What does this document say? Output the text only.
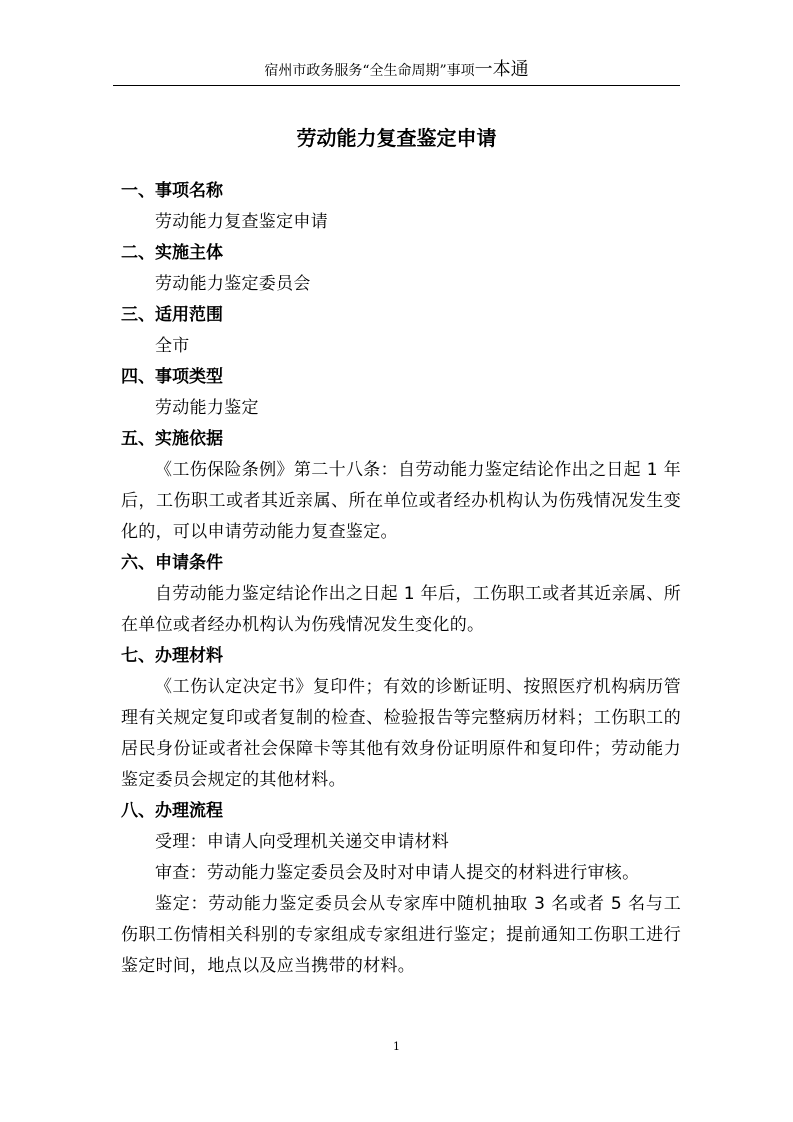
宿州市政务服务“全生命周期”事项一本通
劳动能力复查鉴定申请

一、事项名称

劳动能力复查鉴定申请

二、实施主体

劳动能力鉴定委员会

三、适用范围

全市

四、事项类型

劳动能力鉴定

五、实施依据

《工伤保险条例》第二十八条：自劳动能力鉴定结论作出之日起 1 年后，工伤职工或者其近亲属、所在单位或者经办机构认为伤残情况发生变化的，可以申请劳动能力复查鉴定。

六、申请条件

自劳动能力鉴定结论作出之日起 1 年后，工伤职工或者其近亲属、所在单位或者经办机构认为伤残情况发生变化的。

七、办理材料

《工伤认定决定书》复印件；有效的诊断证明、按照医疗机构病历管理有关规定复印或者复制的检查、检验报告等完整病历材料；工伤职工的居民身份证或者社会保障卡等其他有效身份证明原件和复印件；劳动能力鉴定委员会规定的其他材料。

八、办理流程

受理：申请人向受理机关递交申请材料

审查：劳动能力鉴定委员会及时对申请人提交的材料进行审核。

鉴定：劳动能力鉴定委员会从专家库中随机抽取 3 名或者 5 名与工伤职工伤情相关科别的专家组成专家组进行鉴定；提前通知工伤职工进行鉴定时间，地点以及应当携带的材料。

1
